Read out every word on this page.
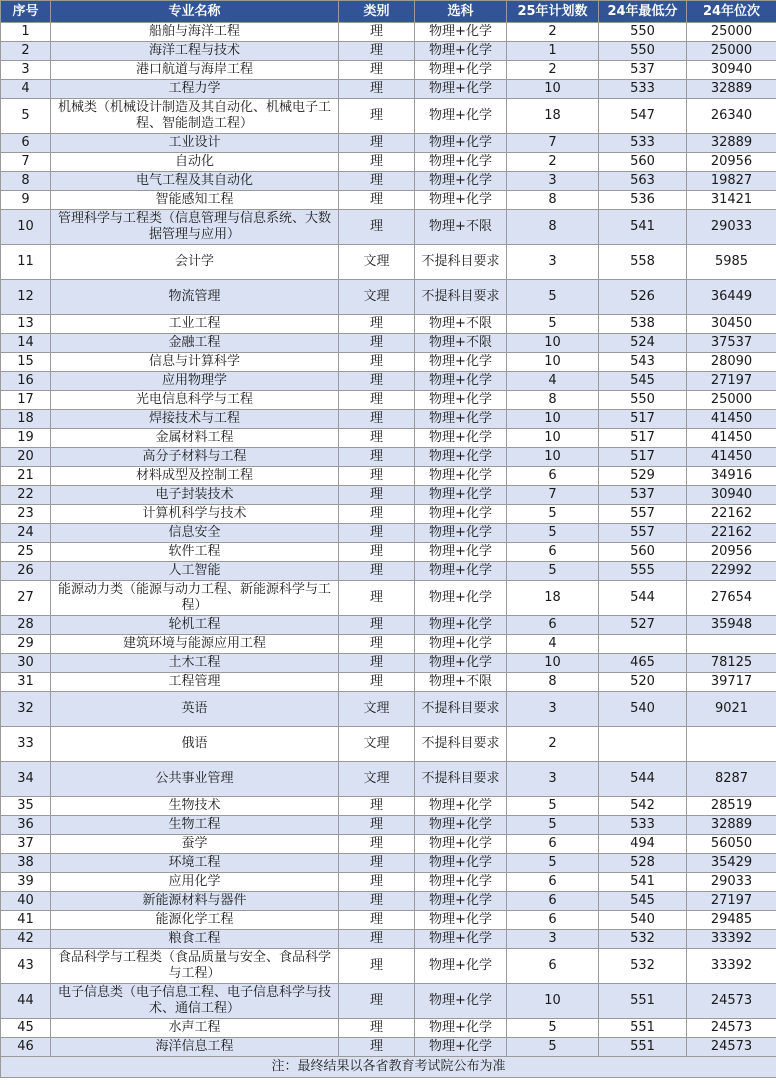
序号	专业名称	类别	选科	25年计划数	24年最低分	24年位次
1	船舶与海洋工程	理	物理+化学	2	550	25000
2	海洋工程与技术	理	物理+化学	1	550	25000
3	港口航道与海岸工程	理	物理+化学	2	537	30940
4	工程力学	理	物理+化学	10	533	32889
5	机械类（机械设计制造及其自动化、机械电子工程、智能制造工程）	理	物理+化学	18	547	26340
6	工业设计	理	物理+化学	7	533	32889
7	自动化	理	物理+化学	2	560	20956
8	电气工程及其自动化	理	物理+化学	3	563	19827
9	智能感知工程	理	物理+化学	8	536	31421
10	管理科学与工程类（信息管理与信息系统、大数据管理与应用）	理	物理+不限	8	541	29033
11	会计学	文理	不提科目要求	3	558	5985
12	物流管理	文理	不提科目要求	5	526	36449
13	工业工程	理	物理+不限	5	538	30450
14	金融工程	理	物理+不限	10	524	37537
15	信息与计算科学	理	物理+化学	10	543	28090
16	应用物理学	理	物理+化学	4	545	27197
17	光电信息科学与工程	理	物理+化学	8	550	25000
18	焊接技术与工程	理	物理+化学	10	517	41450
19	金属材料工程	理	物理+化学	10	517	41450
20	高分子材料与工程	理	物理+化学	10	517	41450
21	材料成型及控制工程	理	物理+化学	6	529	34916
22	电子封装技术	理	物理+化学	7	537	30940
23	计算机科学与技术	理	物理+化学	5	557	22162
24	信息安全	理	物理+化学	5	557	22162
25	软件工程	理	物理+化学	6	560	20956
26	人工智能	理	物理+化学	5	555	22992
27	能源动力类（能源与动力工程、新能源科学与工程）	理	物理+化学	18	544	27654
28	轮机工程	理	物理+化学	6	527	35948
29	建筑环境与能源应用工程	理	物理+化学	4		
30	土木工程	理	物理+化学	10	465	78125
31	工程管理	理	物理+不限	8	520	39717
32	英语	文理	不提科目要求	3	540	9021
33	俄语	文理	不提科目要求	2		
34	公共事业管理	文理	不提科目要求	3	544	8287
35	生物技术	理	物理+化学	5	542	28519
36	生物工程	理	物理+化学	5	533	32889
37	蚕学	理	物理+化学	6	494	56050
38	环境工程	理	物理+化学	5	528	35429
39	应用化学	理	物理+化学	6	541	29033
40	新能源材料与器件	理	物理+化学	6	545	27197
41	能源化学工程	理	物理+化学	6	540	29485
42	粮食工程	理	物理+化学	3	532	33392
43	食品科学与工程类（食品质量与安全、食品科学与工程）	理	物理+化学	6	532	33392
44	电子信息类（电子信息工程、电子信息科学与技术、通信工程）	理	物理+化学	10	551	24573
45	水声工程	理	物理+化学	5	551	24573
46	海洋信息工程	理	物理+化学	5	551	24573
注：最终结果以各省教育考试院公布为准						
